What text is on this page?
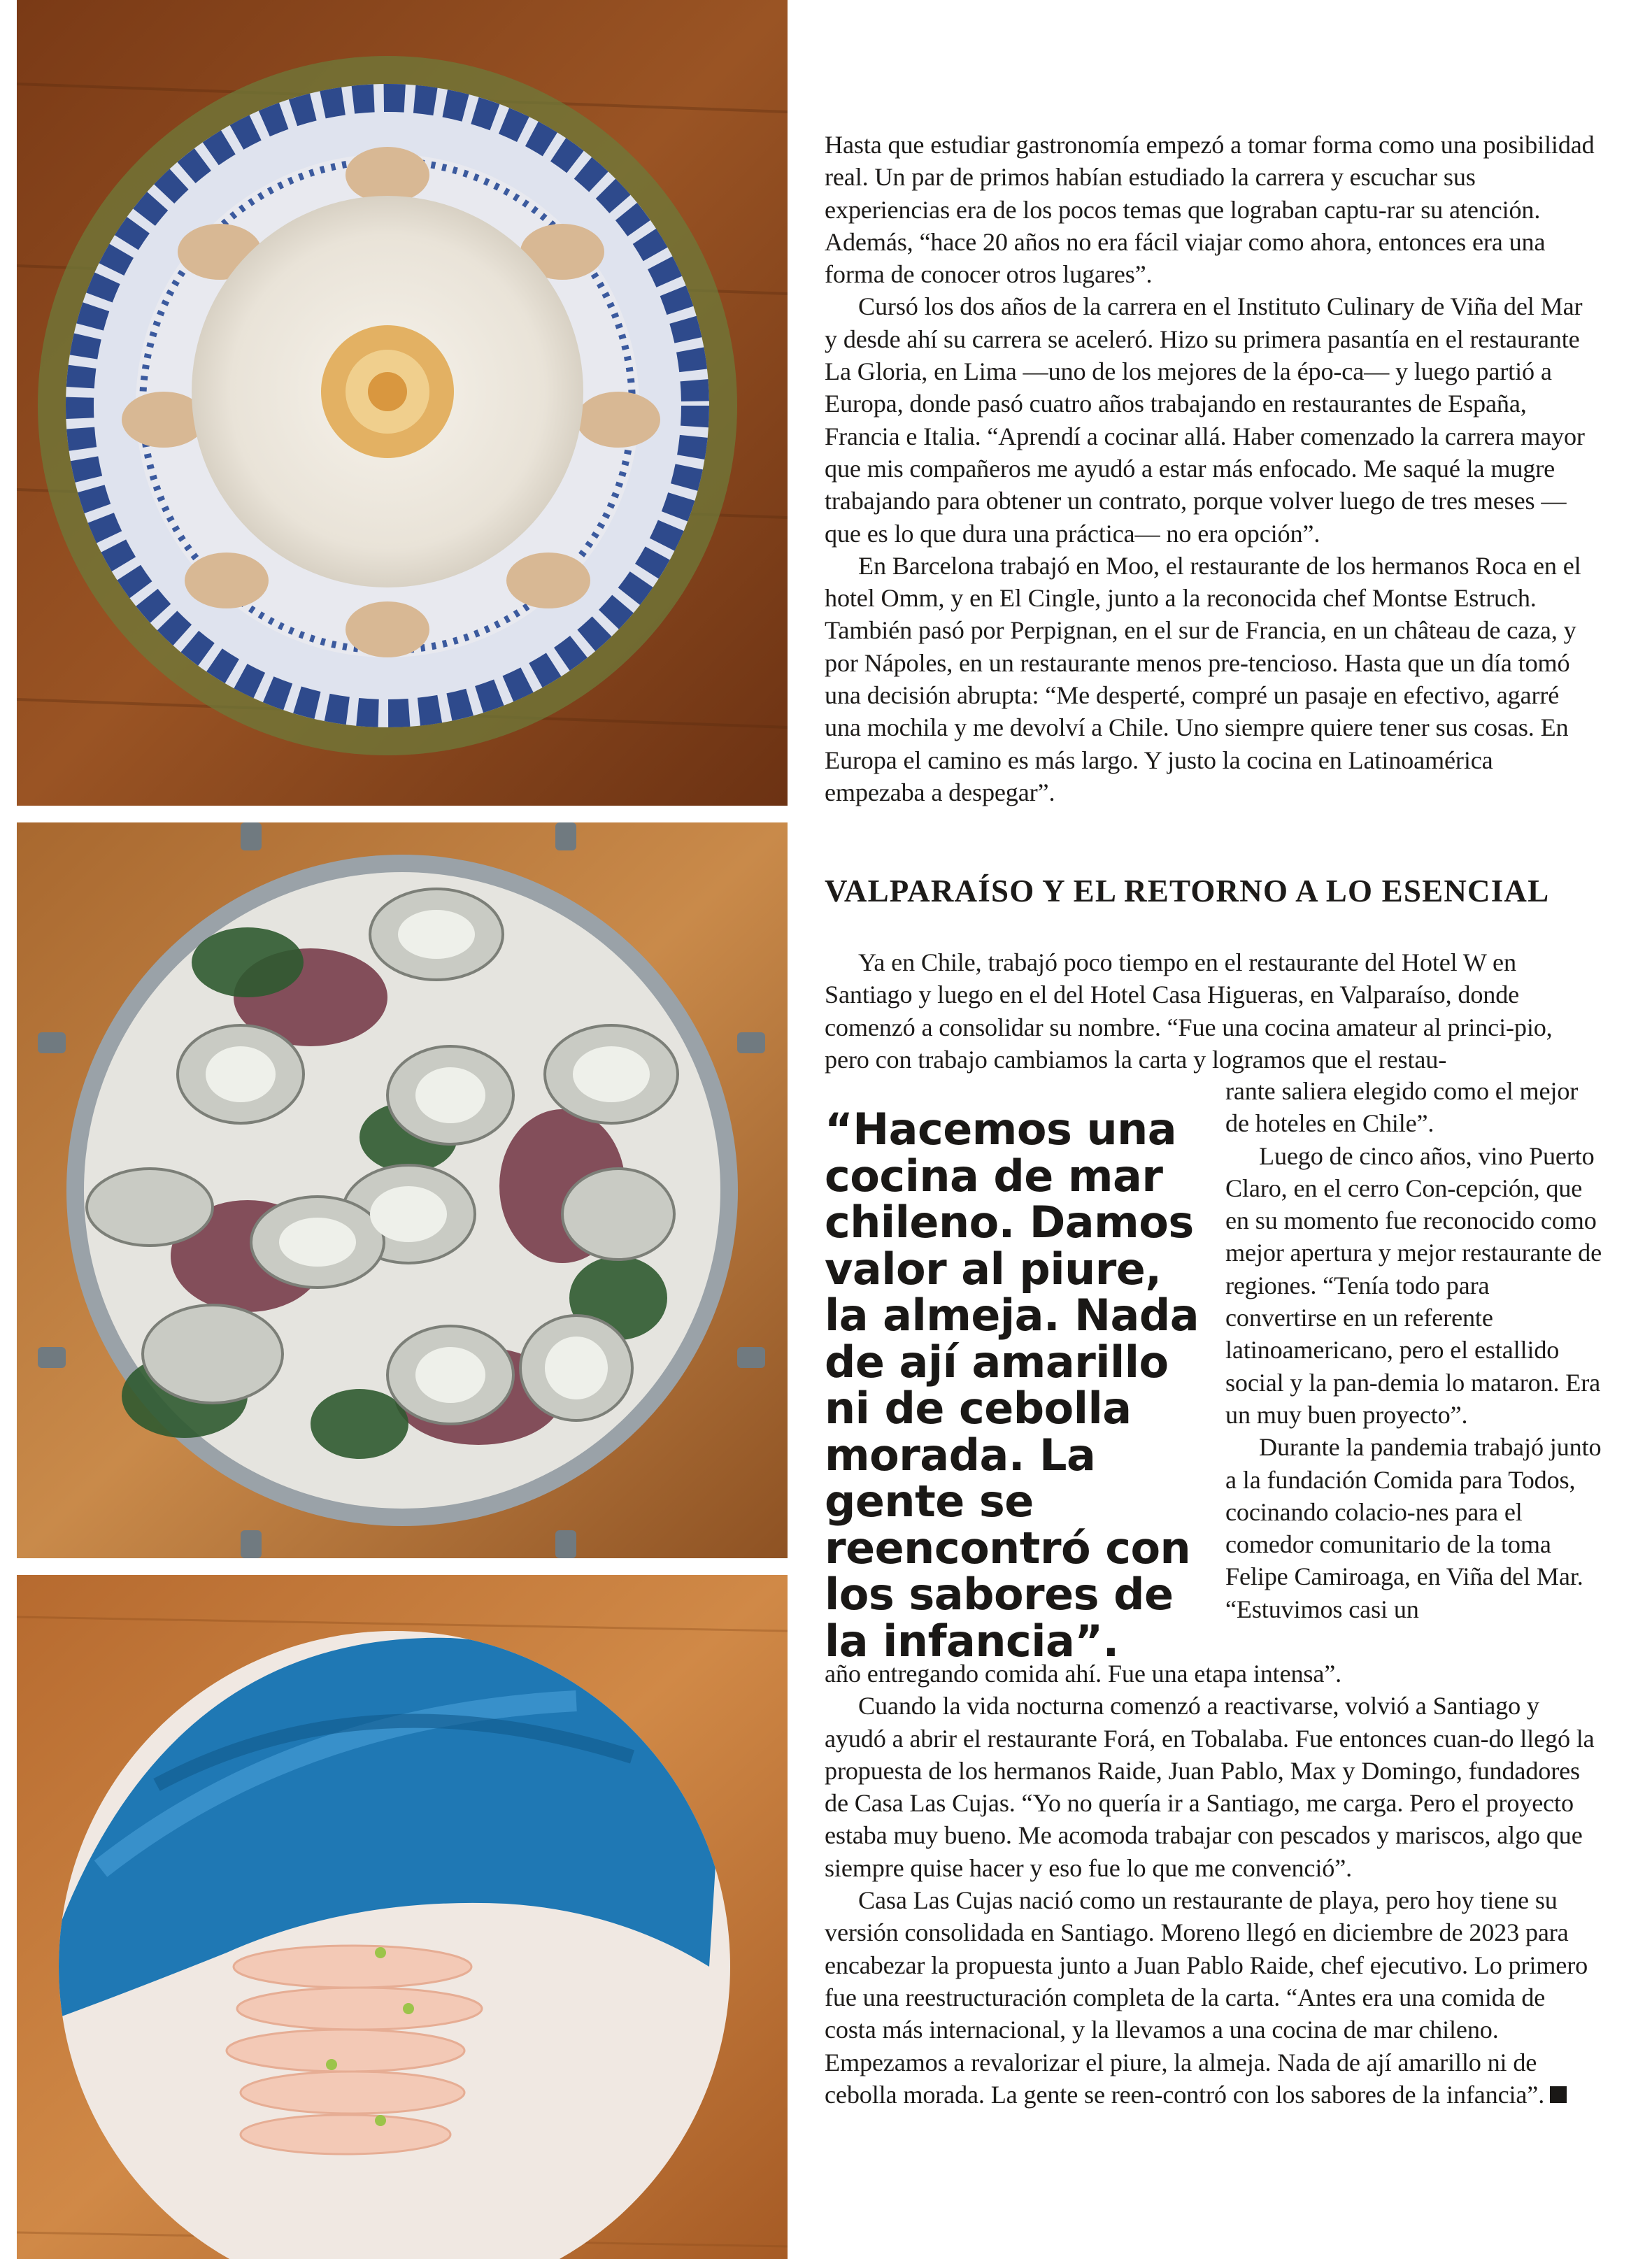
Hasta que estudiar gastronomía empezó a tomar forma como una posibilidad real. Un par de primos habían estudiado la carrera y escuchar sus experiencias era de los pocos temas que lograban captu-rar su atención. Además, “hace 20 años no era fácil viajar como ahora, entonces era una forma de conocer otros lugares”.

Cursó los dos años de la carrera en el Instituto Culinary de Viña del Mar y desde ahí su carrera se aceleró. Hizo su primera pasantía en el restaurante La Gloria, en Lima —uno de los mejores de la épo-ca— y luego partió a Europa, donde pasó cuatro años trabajando en restaurantes de España, Francia e Italia. “Aprendí a cocinar allá. Haber comenzado la carrera mayor que mis compañeros me ayudó a estar más enfocado. Me saqué la mugre trabajando para obtener un contrato, porque volver luego de tres meses —que es lo que dura una práctica— no era opción”.

En Barcelona trabajó en Moo, el restaurante de los hermanos Roca en el hotel Omm, y en El Cingle, junto a la reconocida chef Montse Estruch. También pasó por Perpignan, en el sur de Francia, en un château de caza, y por Nápoles, en un restaurante menos pre-tencioso. Hasta que un día tomó una decisión abrupta: “Me desperté, compré un pasaje en efectivo, agarré una mochila y me devolví a Chile. Uno siempre quiere tener sus cosas. En Europa el camino es más largo. Y justo la cocina en Latinoamérica empezaba a despegar”.

VALPARAÍSO Y EL RETORNO A LO ESENCIAL

Ya en Chile, trabajó poco tiempo en el restaurante del Hotel W en Santiago y luego en el del Hotel Casa Higueras, en Valparaíso, donde comenzó a consolidar su nombre. “Fue una cocina amateur al princi-pio, pero con trabajo cambiamos la carta y logramos que el restau-

“Hacemos una cocina de mar chileno. Damos valor al piure, la almeja. Nada de ají amarillo ni de cebolla morada. La gente se reencontró con los sabores de la infancia”.

rante saliera elegido como el mejor de hoteles en Chile”.

Luego de cinco años, vino Puerto Claro, en el cerro Con-cepción, que en su momento fue reconocido como mejor apertura y mejor restaurante de regiones. “Tenía todo para convertirse en un referente latinoamericano, pero el estallido social y la pan-demia lo mataron. Era un muy buen proyecto”.

Durante la pandemia trabajó junto a la fundación Comida para Todos, cocinando colacio-nes para el comedor comunitario de la toma Felipe Camiroaga, en Viña del Mar. “Estuvimos casi un

año entregando comida ahí. Fue una etapa intensa”.

Cuando la vida nocturna comenzó a reactivarse, volvió a Santiago y ayudó a abrir el restaurante Forá, en Tobalaba. Fue entonces cuan-do llegó la propuesta de los hermanos Raide, Juan Pablo, Max y Domingo, fundadores de Casa Las Cujas. “Yo no quería ir a Santiago, me carga. Pero el proyecto estaba muy bueno. Me acomoda trabajar con pescados y mariscos, algo que siempre quise hacer y eso fue lo que me convenció”.

Casa Las Cujas nació como un restaurante de playa, pero hoy tiene su versión consolidada en Santiago. Moreno llegó en diciembre de 2023 para encabezar la propuesta junto a Juan Pablo Raide, chef ejecutivo. Lo primero fue una reestructuración completa de la carta. “Antes era una comida de costa más internacional, y la llevamos a una cocina de mar chileno. Empezamos a revalorizar el piure, la almeja. Nada de ají amarillo ni de cebolla morada. La gente se reen-contró con los sabores de la infancia”.
